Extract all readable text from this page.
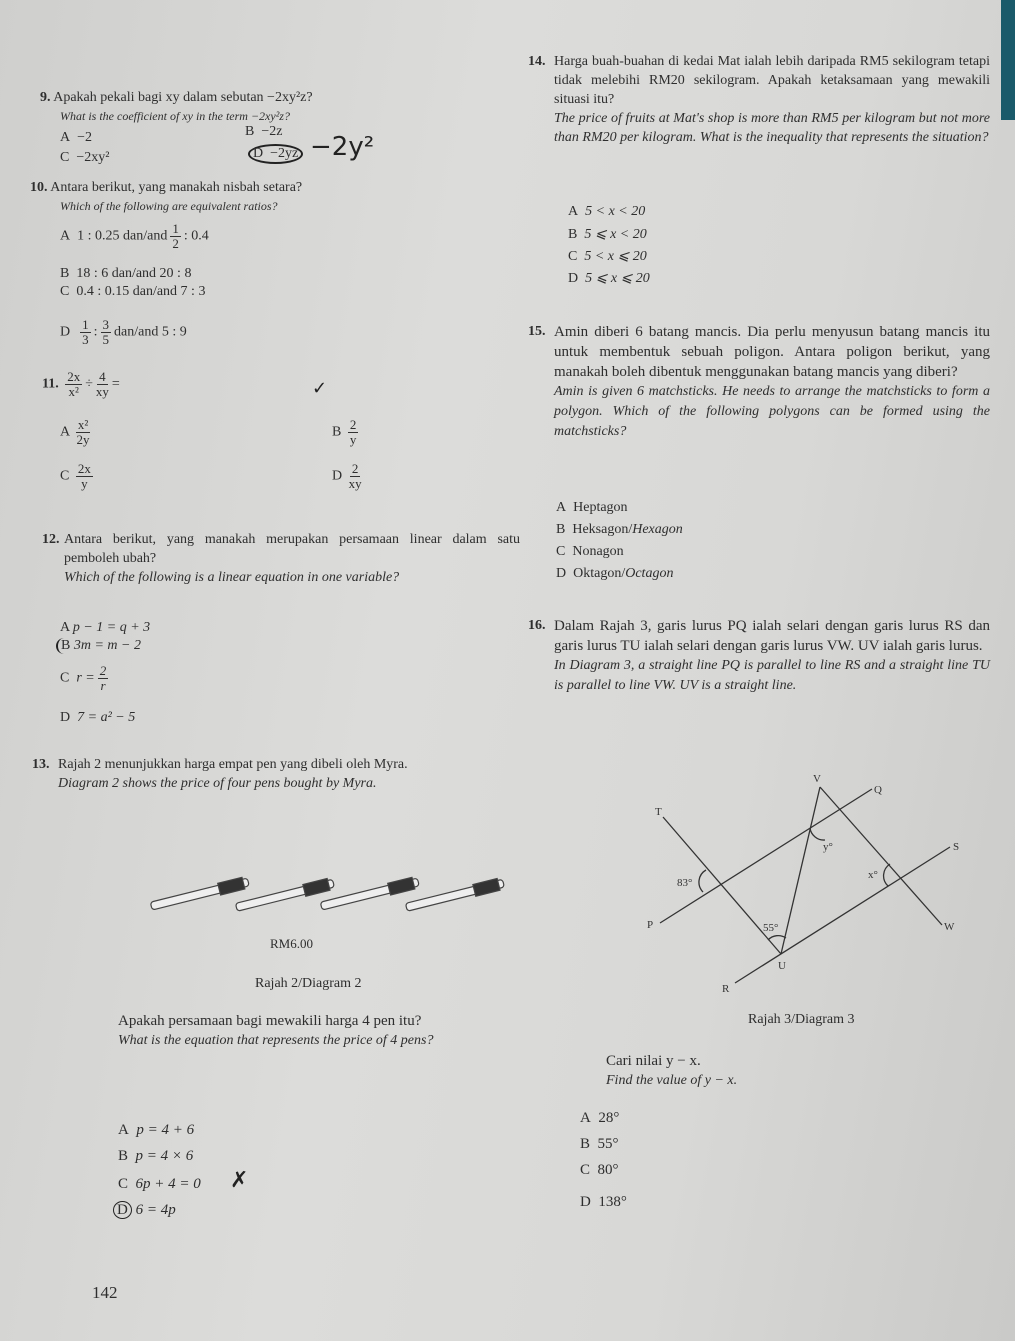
9. Apakah pekali bagi xy dalam sebutan −2xy²z?
What is the coefficient of xy in the term −2xy²z?
A −2	B −2z
C −2xy²	D −2yz −2y²
10. Antara berikut, yang manakah nisbah setara?
Which of the following are equivalent ratios?
A 1 : 0.25 $dan/and \frac{1}{2}$ : 0.4
B 18 : 6 dan/and 20 : 8
C 0.4 : 0.15 dan/and 7 : 3
D $\frac{1}{3}$ : $\frac{3}{5} dan/and$ 5 : 9
11. $\frac{2x}{\text{x²}} \div \frac{4}{xy}$ =	✓
A $\frac{\text{x²}}{2y}$	B $\frac{2}{y}$
C $\frac{2x}{y}$	D $\frac{2}{xy}$
12. Antara berikut, yang manakah merupakan persamaan linear dalam satu pemboleh ubah?
Which of the following is a linear equation in one variable?
A p − 1 = q + 3
B 3m = m − 2
C $r = \frac{2}{r}$
D 7 = a² − 5
13. Rajah 2 menunjukkan harga empat pen yang dibeli oleh Myra.
Diagram 2 shows the price of four pens bought by Myra.
RM6.00
Rajah 2/Diagram 2
Apakah persamaan bagi mewakili harga 4 pen itu?
What is the equation that represents the price of 4 pens?
A p = 4 + 6
B p = 4 × 6
C 6p + 4 = 0 ✗
D 6 = 4p
14. Harga buah-buahan di kedai Mat ialah lebih daripada RM5 sekilogram tetapi tidak melebihi RM20 sekilogram. Apakah ketaksamaan yang mewakili situasi itu?
The price of fruits at Mat's shop is more than RM5 per kilogram but not more than RM20 per kilogram. What is the inequality that represents the situation?
A 5 < x < 20
B 5 ⩽ x < 20
C 5 < x ⩽ 20
D 5 ⩽ x ⩽ 20
15. Amin diberi 6 batang mancis. Dia perlu menyusun batang mancis itu untuk membentuk sebuah poligon. Antara poligon berikut, yang manakah boleh dibentuk menggunakan batang mancis yang diberi?
Amin is given 6 matchsticks. He needs to arrange the matchsticks to form a polygon. Which of the following polygons can be formed using the matchsticks?
A Heptagon
B Heksagon/Hexagon
C Nonagon
D Oktagon/Octagon
16. Dalam Rajah 3, garis lurus PQ ialah selari dengan garis lurus RS dan garis lurus TU ialah selari dengan garis lurus VW. UV ialah garis lurus.
In Diagram 3, a straight line PQ is parallel to line RS and a straight line TU is parallel to line VW. UV is a straight line.
V
Q
T
S
P	W
U
R
83°
55°
x°
y°
Rajah 3/Diagram 3
Cari nilai y − x.
Find the value of y − x.
A 28°
B 55°
C 80°
D 138°
142
